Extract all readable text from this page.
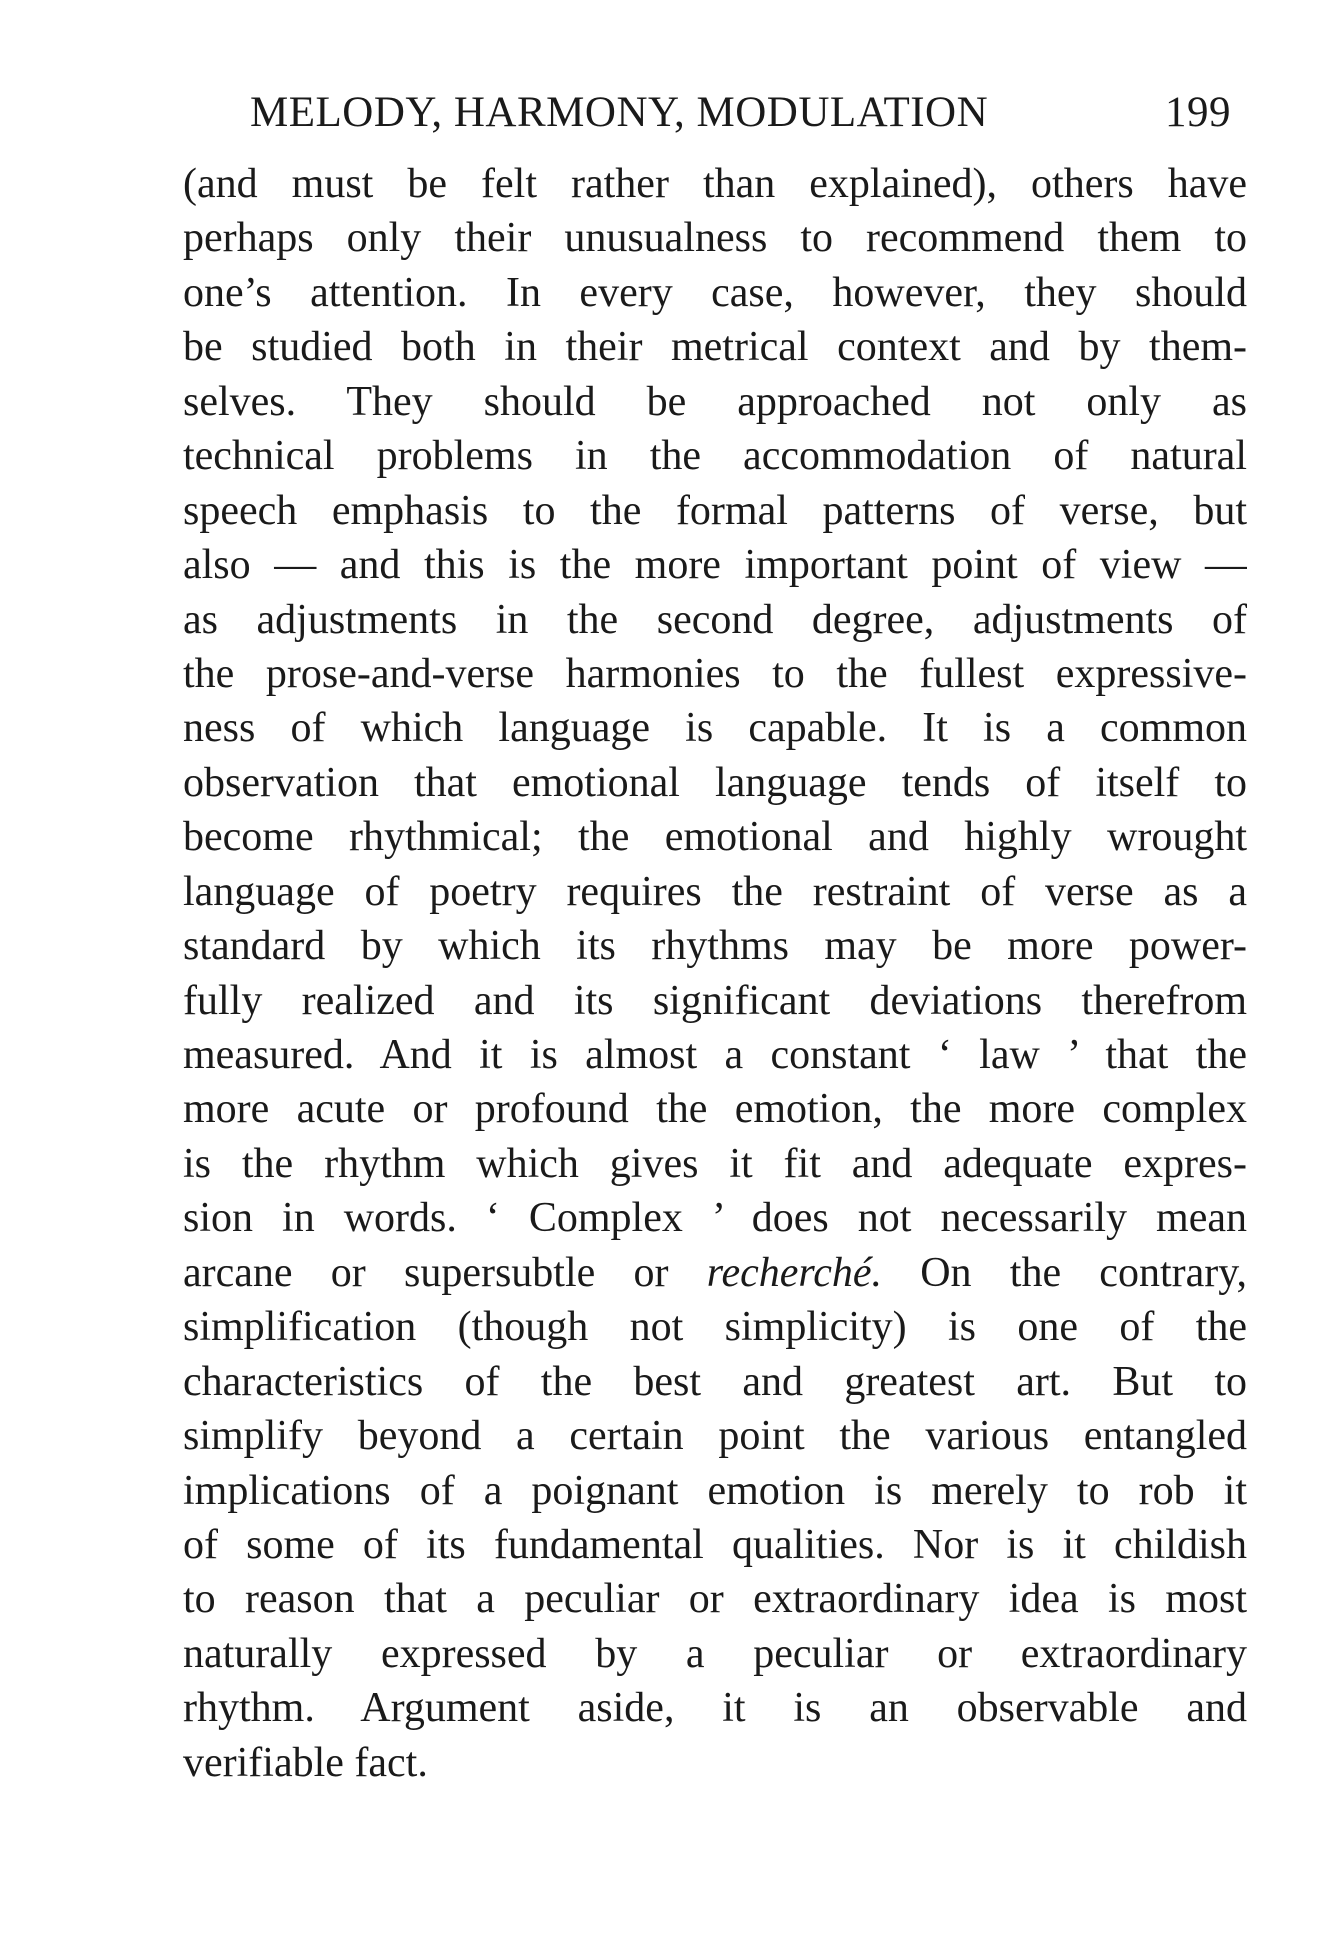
MELODY, HARMONY, MODULATION	199
(and must be felt rather than explained), others have
perhaps only their unusualness to recommend them to
one’s attention. In every case, however, they should
be studied both in their metrical context and by them-
selves. They should be approached not only as
technical problems in the accommodation of natural
speech emphasis to the formal patterns of verse, but
also — and this is the more important point of view —
as adjustments in the second degree, adjustments of
the prose-and-verse harmonies to the fullest expressive-
ness of which language is capable. It is a common
observation that emotional language tends of itself to
become rhythmical; the emotional and highly wrought
language of poetry requires the restraint of verse as a
standard by which its rhythms may be more power-
fully realized and its significant deviations therefrom
measured. And it is almost a constant ‘ law ’ that the
more acute or profound the emotion, the more complex
is the rhythm which gives it fit and adequate expres-
sion in words. ‘ Complex ’ does not necessarily mean
arcane or supersubtle or recherché. On the contrary,
simplification (though not simplicity) is one of the
characteristics of the best and greatest art. But to
simplify beyond a certain point the various entangled
implications of a poignant emotion is merely to rob it
of some of its fundamental qualities. Nor is it childish
to reason that a peculiar or extraordinary idea is most
naturally expressed by a peculiar or extraordinary
rhythm. Argument aside, it is an observable and
verifiable fact.
